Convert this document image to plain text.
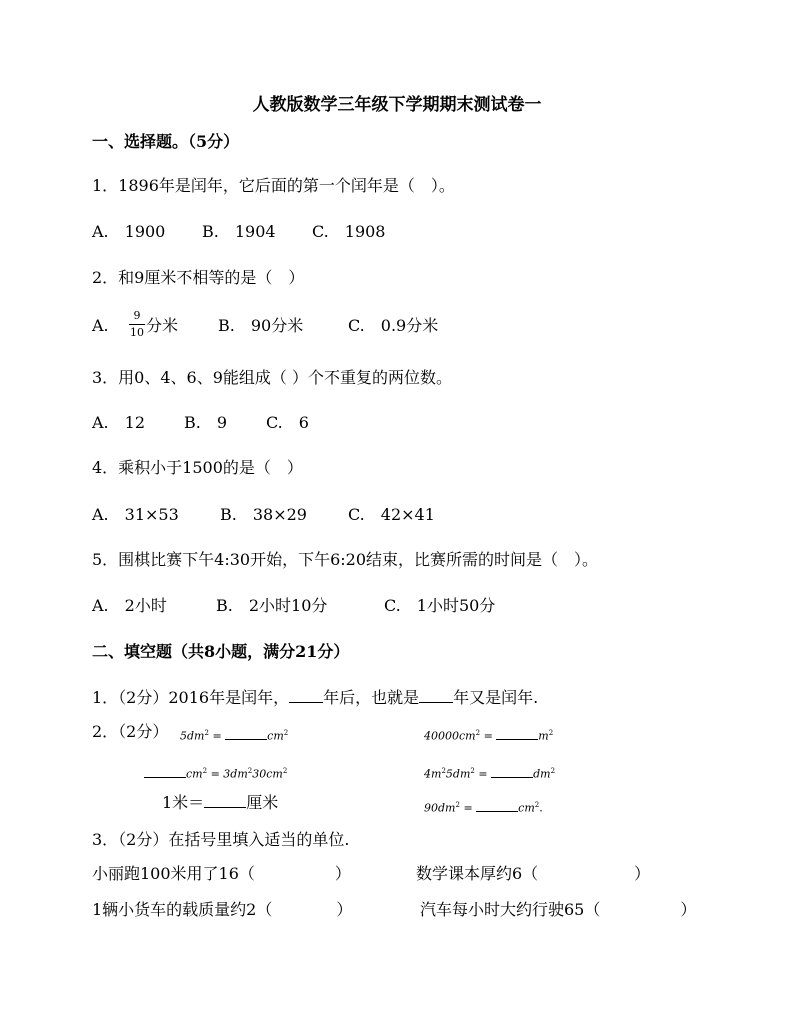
人教版数学三年级下学期期末测试卷一
一、选择题。（5分）
1．1896年是闰年，它后面的第一个闰年是（　）。
A.　1900 B.　1904 C.　1908
2．和9厘米不相等的是（　）
A.
9
10 分米 B.　90分米	C.　0.9分米
3．用0、4、6、9能组成（ ）个不重复的两位数。
A.　12 B.　9 C.　6
4．乘积小于1500的是（　）
A.　31×53	B.　38×29	C.　42×41
5．围棋比赛下午4:30开始，下午6:20结束，比赛所需的时间是（　）。
A.　2小时	B.　2小时10分	C.　1小时50分
二、填空题（共8小题，满分21分）
1．（2分）2016年是闰年， 年后，也就是 年又是闰年.
2．（2分） $5dm^2$ =	$cm^2$	$40000cm^2$ =	$m^2$
$cm^2 = 3dm^230cm^2$	$4m^25dm^2$ =	$dm^2$
1米＝	厘米	$90dm^2$ =	$cm^2$.
3．（2分）在括号里填入适当的单位.
小丽跑100米用了16（　　　　　）	数学课本厚约6（　　　　　　）
1辆小货车的载质量约2（　　　　）	汽车每小时大约行驶65（　　　　　）
